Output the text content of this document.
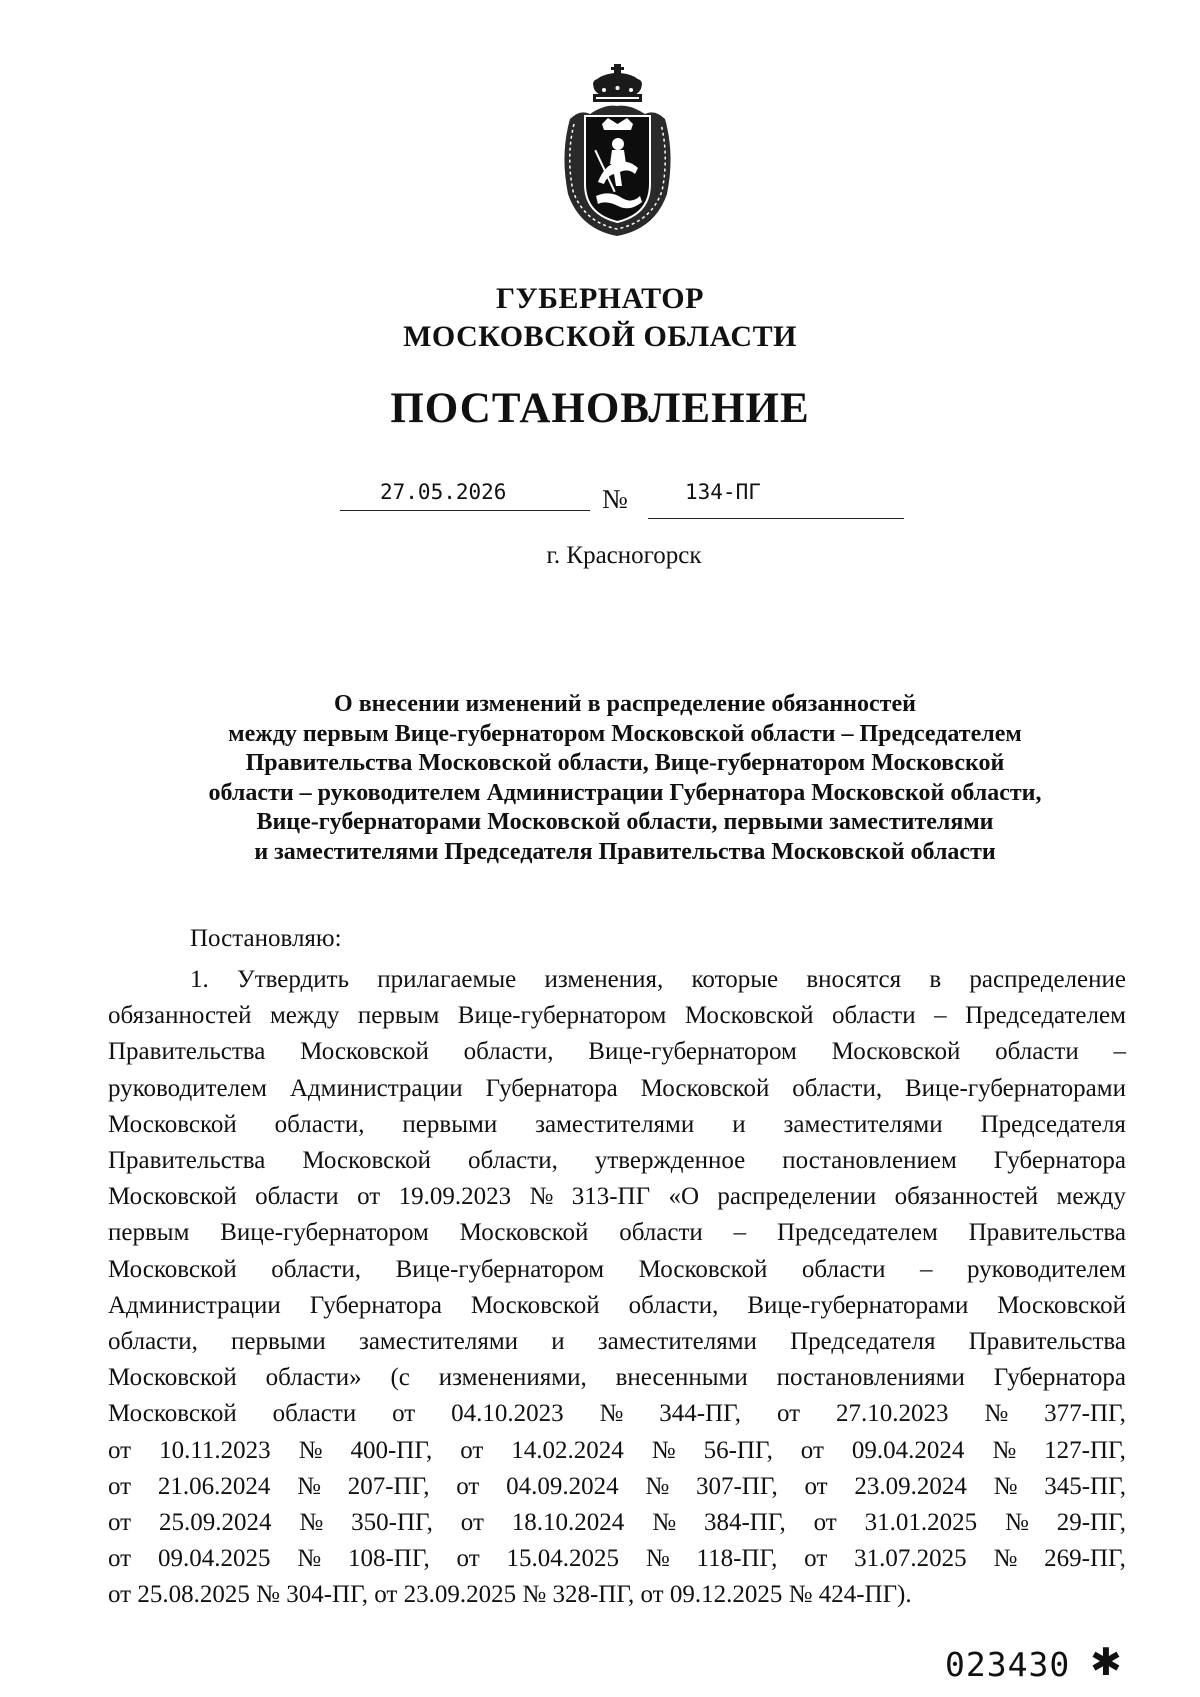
ГУБЕРНАТОР
МОСКОВСКОЙ ОБЛАСТИ
ПОСТАНОВЛЕНИЕ
27.05.2026	№	134-ПГ
г. Красногорск
О внесении изменений в распределение обязанностей
между первым Вице-губернатором Московской области – Председателем
Правительства Московской области, Вице-губернатором Московской
области – руководителем Администрации Губернатора Московской области,
Вице-губернаторами Московской области, первыми заместителями
и заместителями Председателя Правительства Московской области
Постановляю:
1. Утвердить прилагаемые изменения, которые вносятся в распределение
обязанностей между первым Вице-губернатором Московской области – Председателем
Правительства Московской области, Вице-губернатором Московской области –
руководителем Администрации Губернатора Московской области, Вице-губернаторами
Московской области, первыми заместителями и заместителями Председателя
Правительства Московской области, утвержденное постановлением Губернатора
Московской области от 19.09.2023 № 313-ПГ «О распределении обязанностей между
первым Вице-губернатором Московской области – Председателем Правительства
Московской области, Вице-губернатором Московской области – руководителем
Администрации Губернатора Московской области, Вице-губернаторами Московской
области, первыми заместителями и заместителями Председателя Правительства
Московской области» (с изменениями, внесенными постановлениями Губернатора
Московской области от 04.10.2023 № 344-ПГ, от 27.10.2023 № 377-ПГ,
от 10.11.2023 № 400-ПГ, от 14.02.2024 № 56-ПГ, от 09.04.2024 № 127-ПГ,
от 21.06.2024 № 207-ПГ, от 04.09.2024 № 307-ПГ, от 23.09.2024 № 345-ПГ,
от 25.09.2024 № 350-ПГ, от 18.10.2024 № 384-ПГ, от 31.01.2025 № 29-ПГ,
от 09.04.2025 № 108-ПГ, от 15.04.2025 № 118-ПГ, от 31.07.2025 № 269-ПГ,
от 25.08.2025 № 304-ПГ, от 23.09.2025 № 328-ПГ, от 09.12.2025 № 424-ПГ).
023430 ✱
